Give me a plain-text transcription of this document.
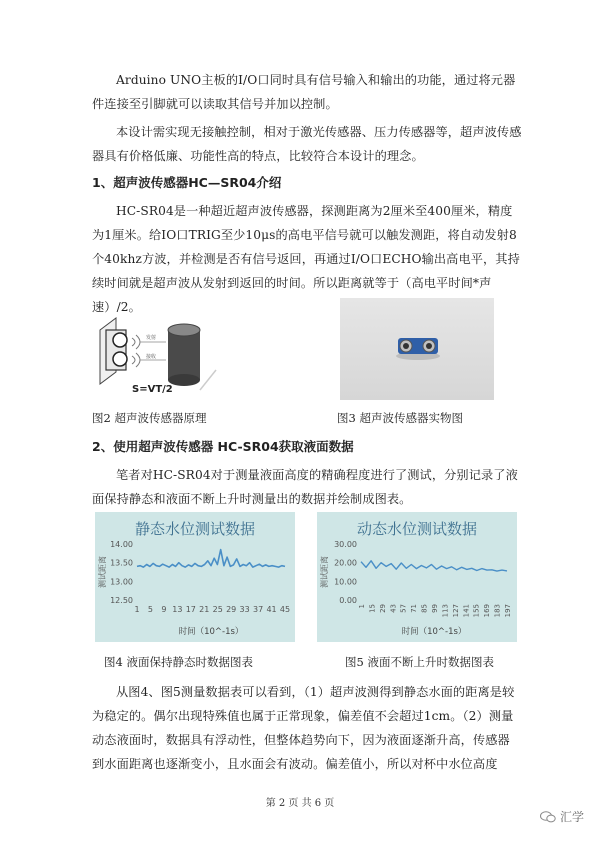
Arduino UNO主板的I/O口同时具有信号输入和输出的功能，通过将元器件连接至引脚就可以读取其信号并加以控制。

本设计需实现无接触控制，相对于激光传感器、压力传感器等，超声波传感器具有价格低廉、功能性高的特点，比较符合本设计的理念。

1、超声波传感器HC—SR04介绍

HC-SR04是一种超近超声波传感器，探测距离为2厘米至400厘米，精度为1厘米。给IO口TRIG至少10μs的高电平信号就可以触发测距，将自动发射8个40khz方波，并检测是否有信号返回，再通过I/O口ECHO输出高电平，其持续时间就是超声波从发射到返回的时间。所以距离就等于（高电平时间*声速）/2。

发射
接收
S=VT/2

图2 超声波传感器原理	图3 超声波传感器实物图

2、使用超声波传感器 HC-SR04获取液面数据

笔者对HC-SR04对于测量液面高度的精确程度进行了测试，分别记录了液面保持静态和液面不断上升时测量出的数据并绘制成图表。

静态水位测试数据
14.00
13.50
13.00
12.50
测试距离
1 5 9 13 17 21 25 29 33 37 41 45
时间（10^-1s）
动态水位测试数据
30.00
20.00
10.00
0.00
测试距离
1 15 29 43 57 71 85 99 113 127 141 155 169 183 197
时间（10^-1s）

图4 液面保持静态时数据图表	图5 液面不断上升时数据图表

从图4、图5测量数据表可以看到，（1）超声波测得到静态水面的距离是较为稳定的。偶尔出现特殊值也属于正常现象，偏差值不会超过1cm。（2）测量动态液面时，数据具有浮动性，但整体趋势向下，因为液面逐渐升高，传感器到水面距离也逐渐变小，且水面会有波动。偏差值小，所以对杯中水位高度

第 2 页 共 6 页
汇学
